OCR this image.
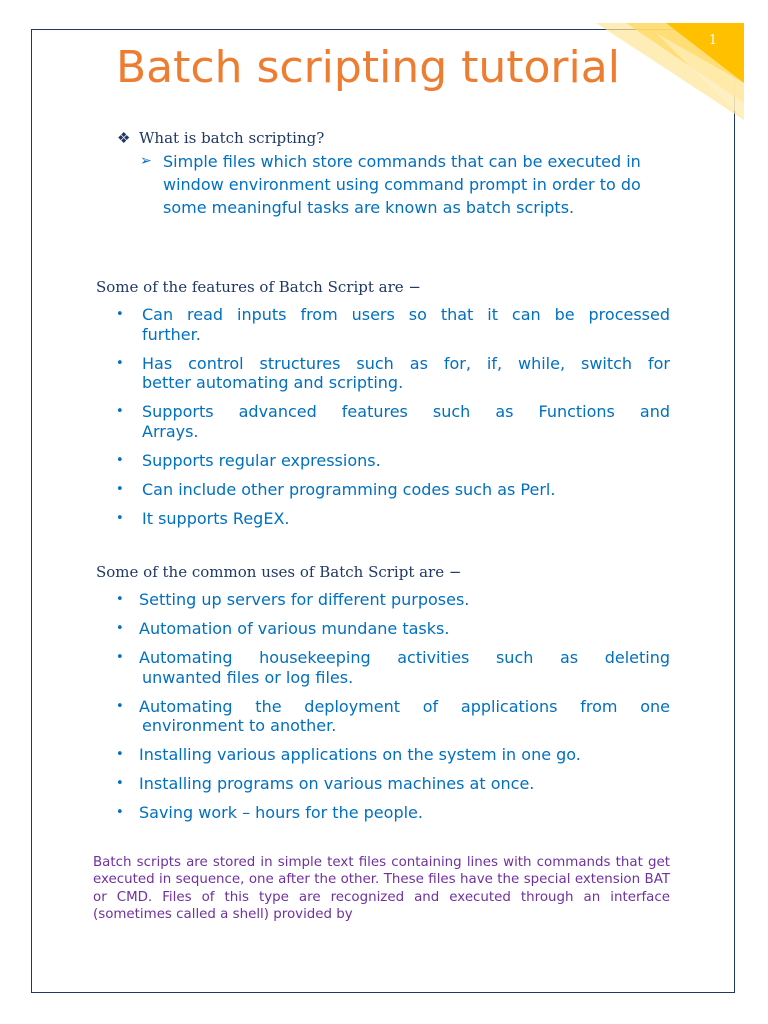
1
Batch scripting tutorial
❖ What is batch scripting?
➢ Simple files which store commands that can be executed in window environment using command prompt in order to do some meaningful tasks are known as batch scripts.
Some of the features of Batch Script are −
• Can read inputs from users so that it can be processed
further.
• Has control structures such as for, if, while, switch for
better automating and scripting.
• Supports advanced features such as Functions and
Arrays.
• Supports regular expressions.
• Can include other programming codes such as Perl.
• It supports RegEX.
Some of the common uses of Batch Script are −
• Setting up servers for different purposes.
• Automation of various mundane tasks.
• Automating housekeeping activities such as deleting
unwanted files or log files.
• Automating the deployment of applications from one
environment to another.
• Installing various applications on the system in one go.
• Installing programs on various machines at once.
• Saving work – hours for the people.
Batch scripts are stored in simple text files containing lines with commands that get executed in sequence, one after the other. These files have the special extension BAT or CMD. Files of this type are recognized and executed through an interface (sometimes called a shell) provided by
